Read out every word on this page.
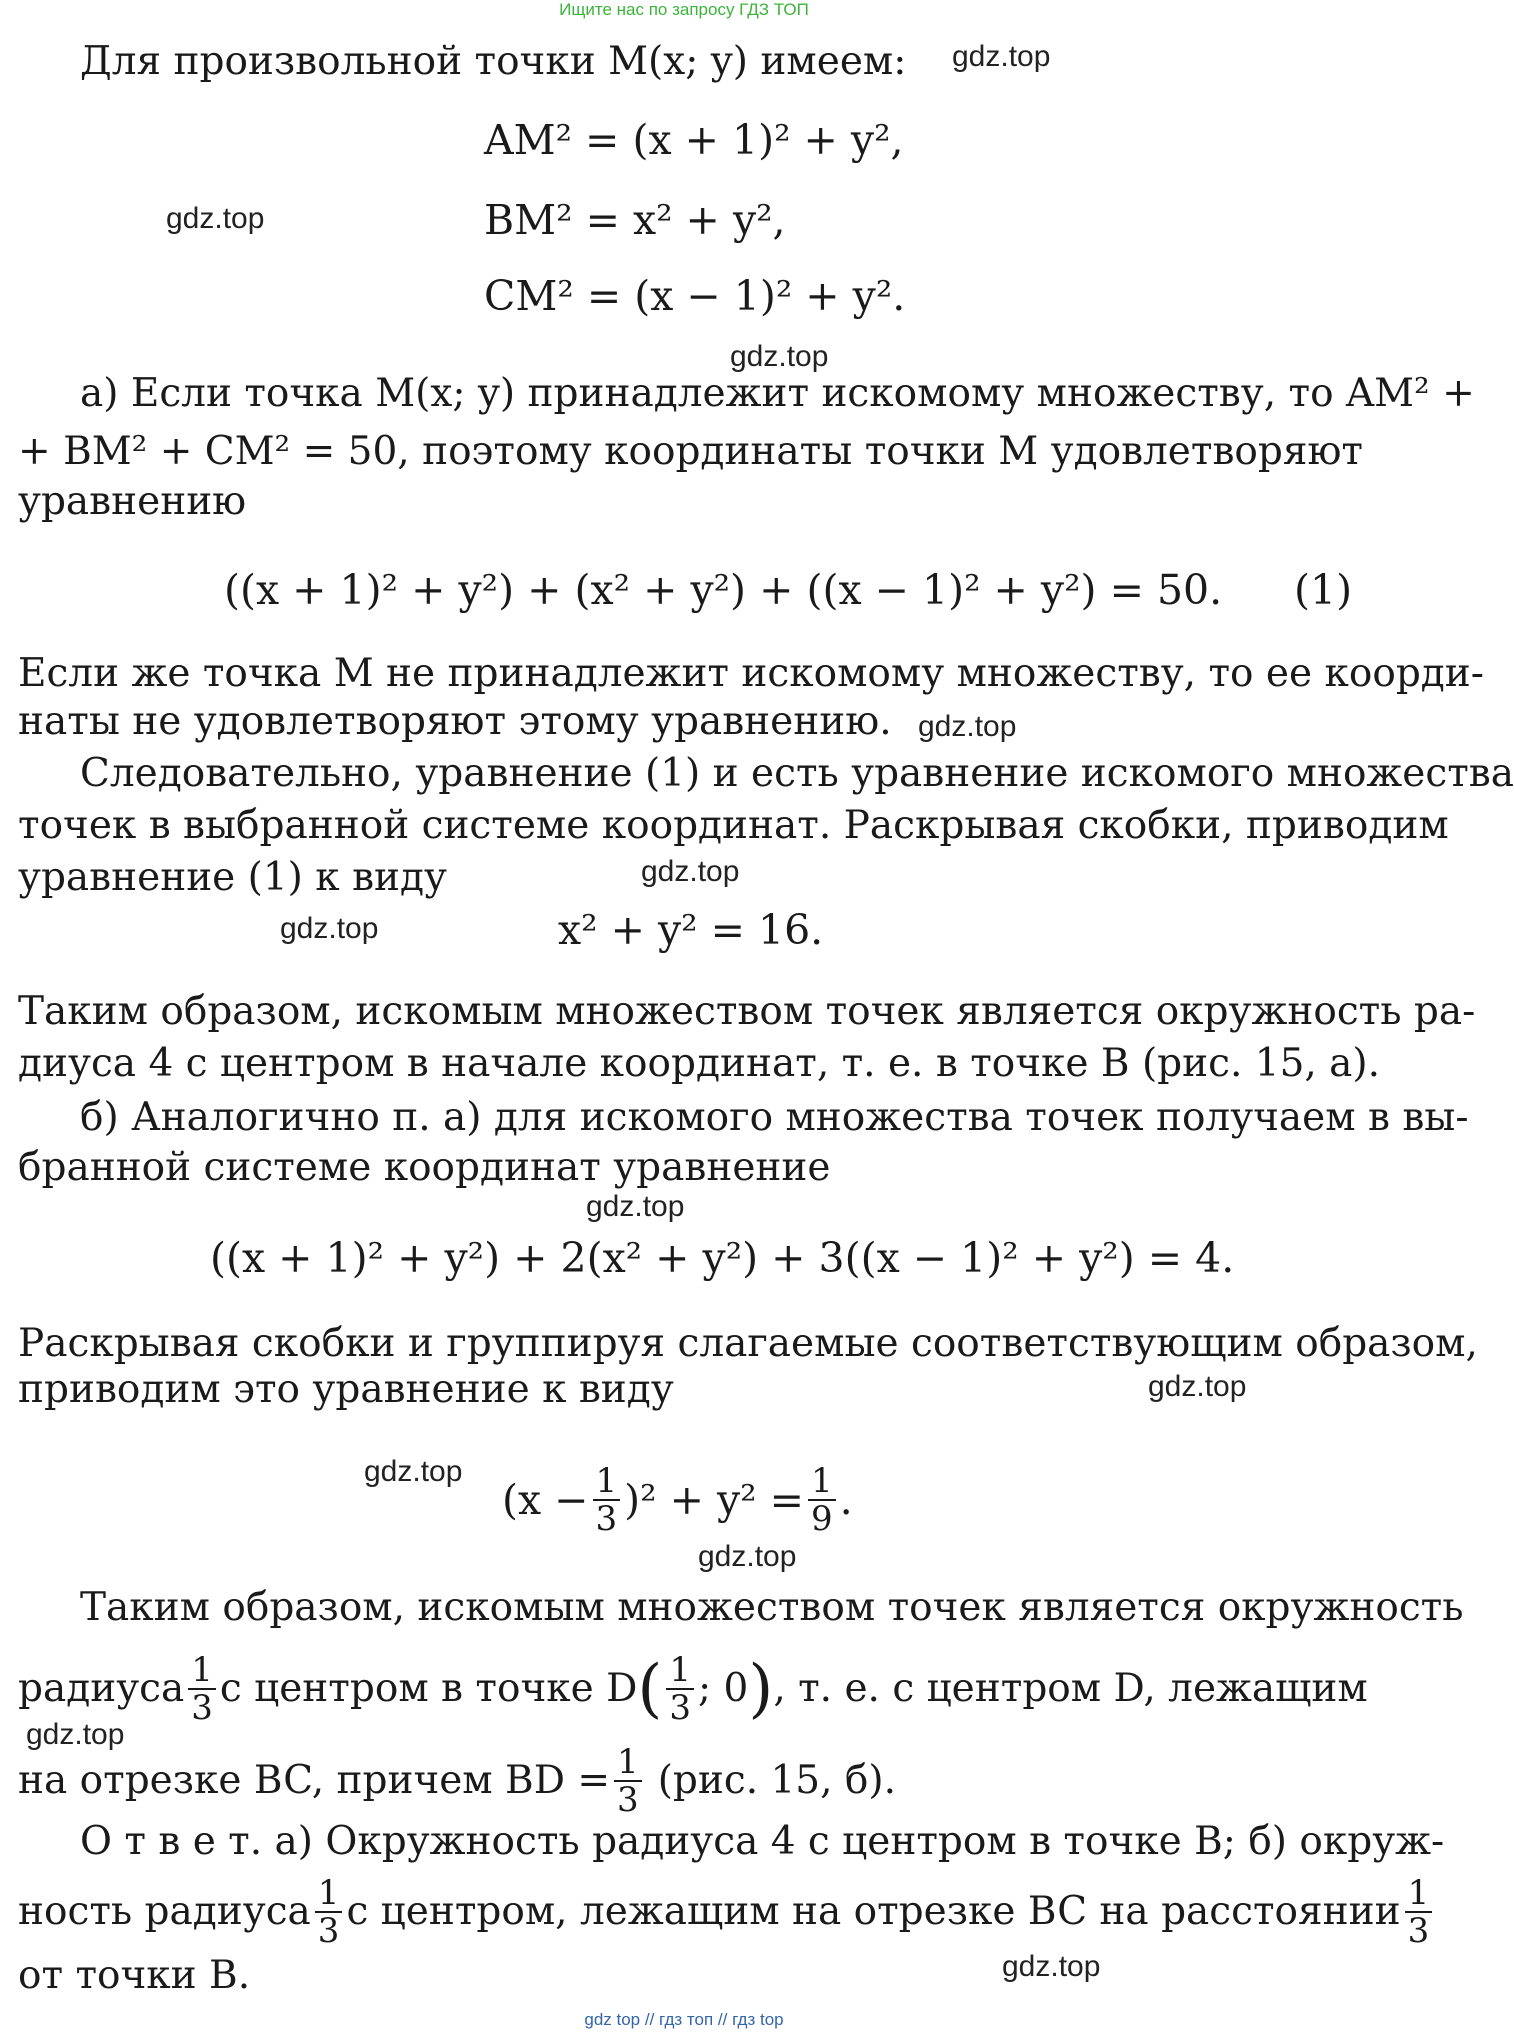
Ищите нас по запросу ГДЗ ТОП
gdz.top
gdz.top
gdz.top
gdz.top
gdz.top
gdz.top
gdz.top
gdz.top
gdz.top
gdz.top
gdz.top
gdz.top
Для произвольной точки M(x; y) имеем:
AM² = (x + 1)² + y²,
BM² = x² + y²,
CM² = (x − 1)² + y².
а) Если точка M(x; y) принадлежит искомому множеству, то AM² +
+ BM² + CM² = 50, поэтому координаты точки M удовлетворяют
уравнению
((x + 1)² + y²) + (x² + y²) + ((x − 1)² + y²) = 50. (1)
Если же точка M не принадлежит искомому множеству, то ее коорди-
наты не удовлетворяют этому уравнению.
Следовательно, уравнение (1) и есть уравнение искомого множества
точек в выбранной системе координат. Раскрывая скобки, приводим
уравнение (1) к виду
x² + y² = 16.
Таким образом, искомым множеством точек является окружность ра-
диуса 4 с центром в начале координат, т. е. в точке B (рис. 15, а).
б) Аналогично п. а) для искомого множества точек получаем в вы-
бранной системе координат уравнение
((x + 1)² + y²) + 2(x² + y²) + 3((x − 1)² + y²) = 4.
Раскрывая скобки и группируя слагаемые соответствующим образом,
приводим это уравнение к виду
$(x - \frac{1}{3} )^2 + y^2 = \frac{1}{9}$ .
Таким образом, искомым множеством точек является окружность
радиуса $\frac{1}{3}$ с центром в точке D ( $\frac{1}{3}$ ; 0 ) , т. е. с центром D, лежащим
на отрезке BC, причем BD = $\frac{1}{3} (рис$. 15, б).
О т в е т. а) Окружность радиуса 4 с центром в точке B; б) окруж-
ность радиуса $\frac{1}{3}$ с центром, лежащим на отрезке BC на расстоянии $\frac{1}{3}$
от точки B.
gdz top // гдз топ // гдз top
